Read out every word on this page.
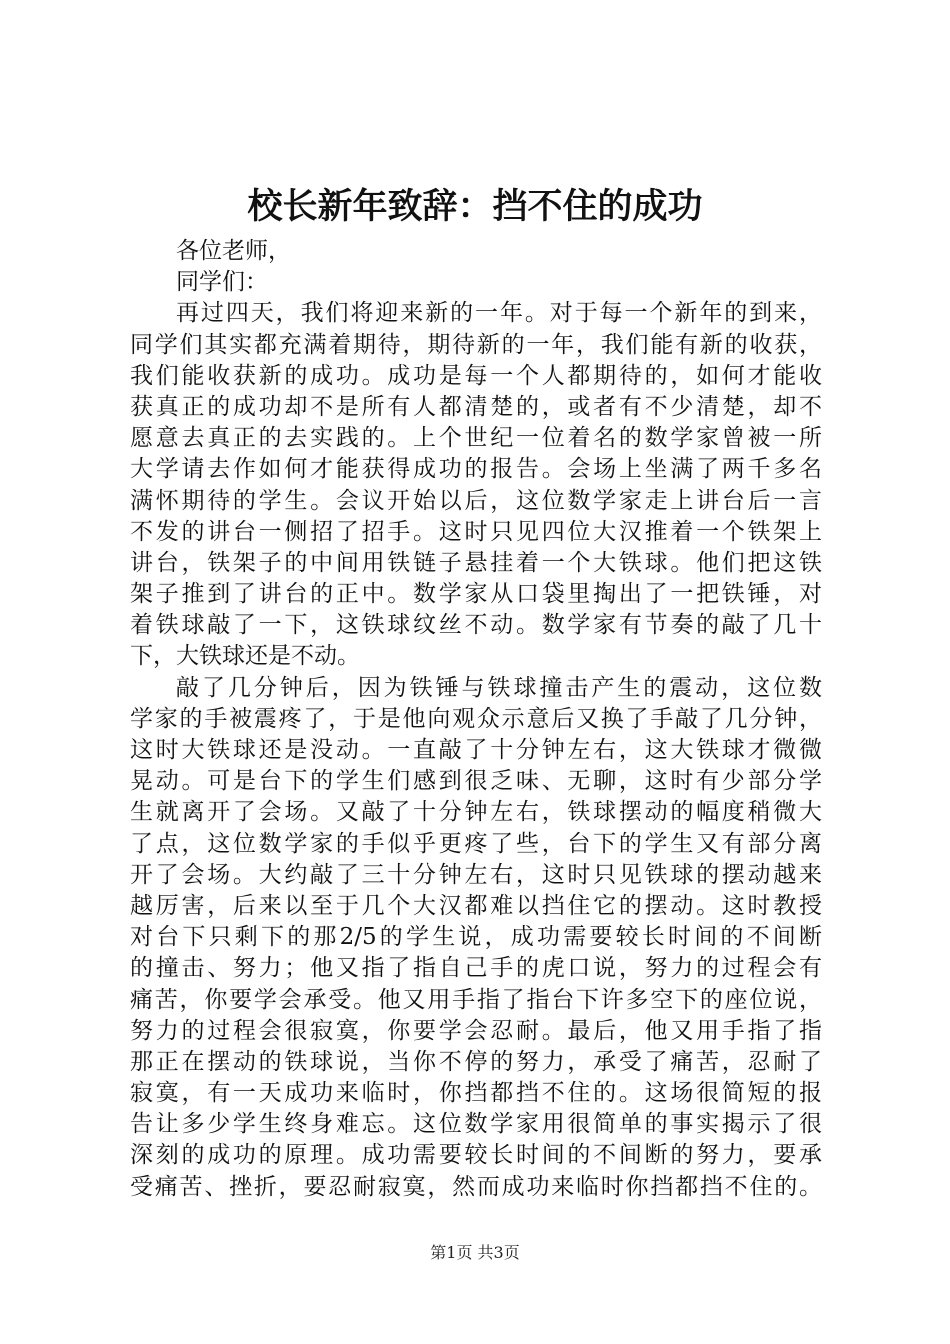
校长新年致辞：挡不住的成功
各位老师，
同学们：
再过四天，我们将迎来新的一年。对于每一个新年的到来，
同学们其实都充满着期待，期待新的一年，我们能有新的收获，
我们能收获新的成功。成功是每一个人都期待的，如何才能收
获真正的成功却不是所有人都清楚的，或者有不少清楚，却不
愿意去真正的去实践的。上个世纪一位着名的数学家曾被一所
大学请去作如何才能获得成功的报告。会场上坐满了两千多名
满怀期待的学生。会议开始以后，这位数学家走上讲台后一言
不发的讲台一侧招了招手。这时只见四位大汉推着一个铁架上
讲台，铁架子的中间用铁链子悬挂着一个大铁球。他们把这铁
架子推到了讲台的正中。数学家从口袋里掏出了一把铁锤，对
着铁球敲了一下，这铁球纹丝不动。数学家有节奏的敲了几十
下，大铁球还是不动。
敲了几分钟后，因为铁锤与铁球撞击产生的震动，这位数
学家的手被震疼了，于是他向观众示意后又换了手敲了几分钟，
这时大铁球还是没动。一直敲了十分钟左右，这大铁球才微微
晃动。可是台下的学生们感到很乏味、无聊，这时有少部分学
生就离开了会场。又敲了十分钟左右，铁球摆动的幅度稍微大
了点，这位数学家的手似乎更疼了些，台下的学生又有部分离
开了会场。大约敲了三十分钟左右，这时只见铁球的摆动越来
越厉害，后来以至于几个大汉都难以挡住它的摆动。这时教授
对台下只剩下的那2/5的学生说，成功需要较长时间的不间断
的撞击、努力；他又指了指自己手的虎口说，努力的过程会有
痛苦，你要学会承受。他又用手指了指台下许多空下的座位说，
努力的过程会很寂寞，你要学会忍耐。最后，他又用手指了指
那正在摆动的铁球说，当你不停的努力，承受了痛苦，忍耐了
寂寞，有一天成功来临时，你挡都挡不住的。这场很简短的报
告让多少学生终身难忘。这位数学家用很简单的事实揭示了很
深刻的成功的原理。成功需要较长时间的不间断的努力，要承
受痛苦、挫折，要忍耐寂寞，然而成功来临时你挡都挡不住的。
第1页 共3页
